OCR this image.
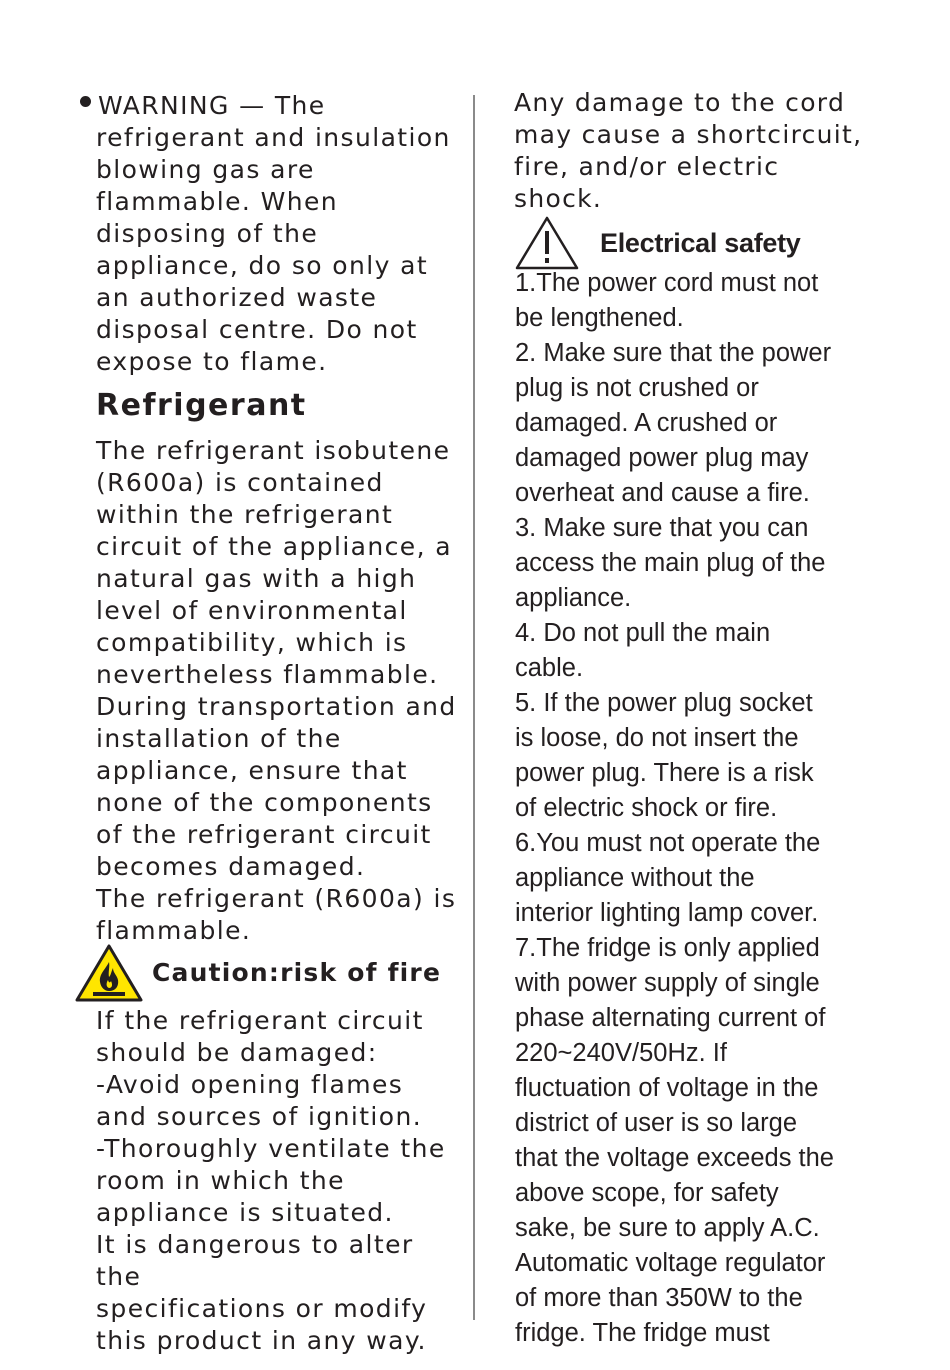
WARNING — The

refrigerant and insulation
blowing gas are
flammable. When
disposing of the
appliance, do so only at
an authorized waste
disposal centre. Do not
expose to flame.

Refrigerant

The refrigerant isobutene
(R600a) is contained
within the refrigerant
circuit of the appliance, a
natural gas with a high
level of environmental
compatibility, which is
nevertheless flammable.
During transportation and
installation of the
appliance, ensure that
none of the components
of the refrigerant circuit
becomes damaged.
The refrigerant (R600a) is
flammable.

Caution:risk of fire

If the refrigerant circuit
should be damaged:
-Avoid opening flames
and sources of ignition.
-Thoroughly ventilate the
room in which the
appliance is situated.
It is dangerous to alter the
specifications or modify
this product in any way.

Any damage to the cord
may cause a shortcircuit,
fire, and/or electric
shock.

Electrical safety

1.The power cord must not
be lengthened.
2. Make sure that the power
plug is not crushed or
damaged. A crushed or
damaged power plug may
overheat and cause a fire.
3. Make sure that you can
access the main plug of the
appliance.
4. Do not pull the main
cable.
5. If the power plug socket
is loose, do not insert the
power plug. There is a risk
of electric shock or fire.
6.You must not operate the
appliance without the
interior lighting lamp cover.
7.The fridge is only applied
with power supply of single
phase alternating current of
220~240V/50Hz. If
fluctuation of voltage in the
district of user is so large
that the voltage exceeds the
above scope, for safety
sake, be sure to apply A.C.
Automatic voltage regulator
of more than 350W to the
fridge. The fridge must
